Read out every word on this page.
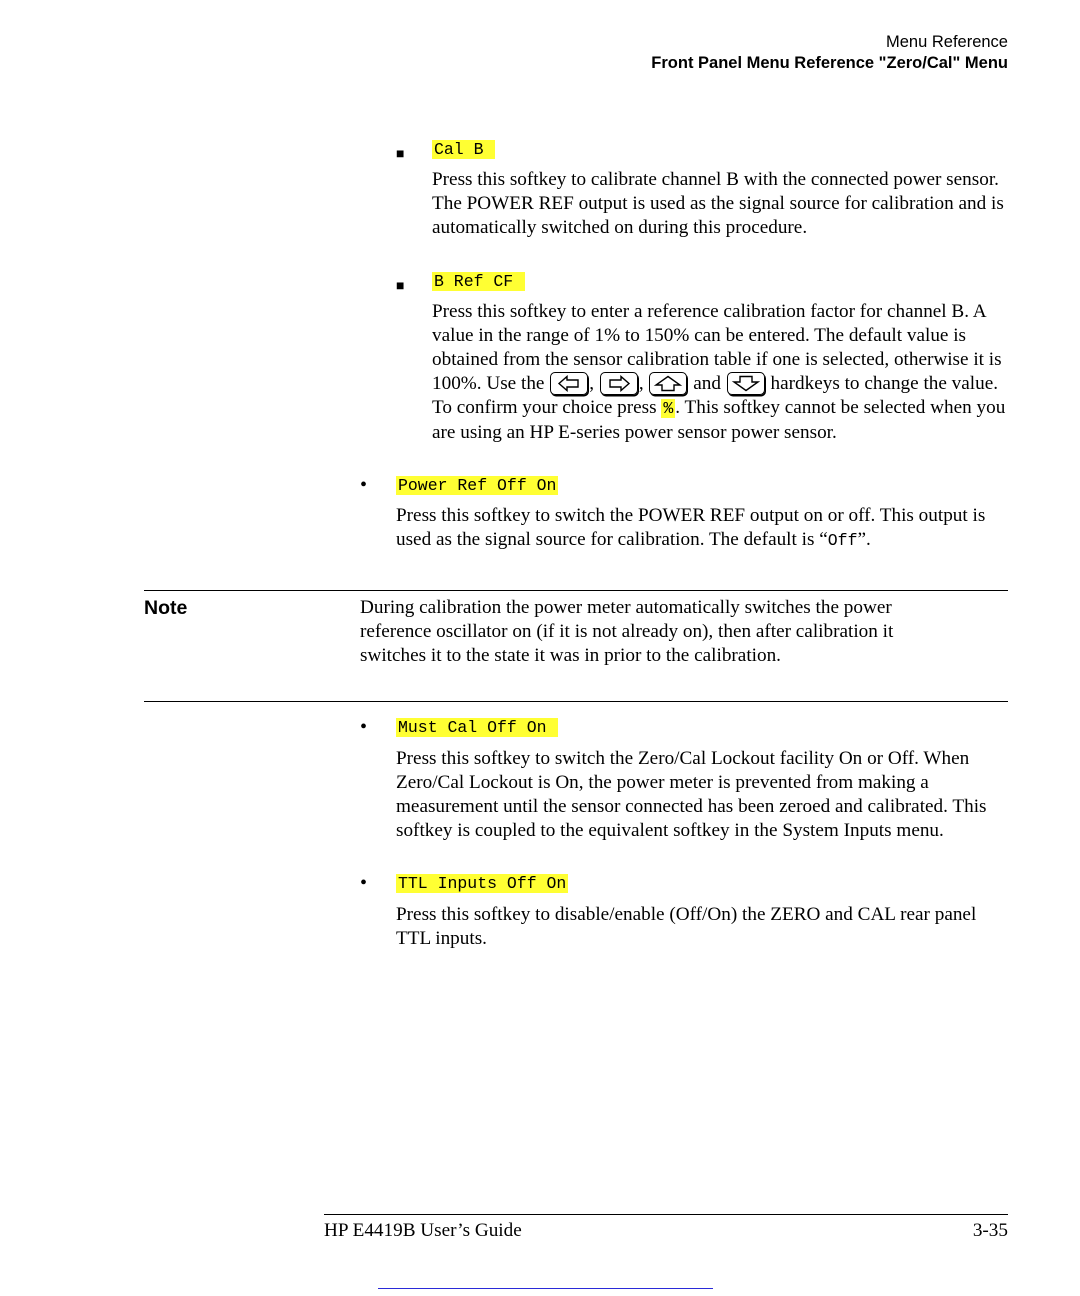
Menu Reference
Front Panel Menu Reference "Zero/Cal" Menu
■ Cal B

Press this softkey to calibrate channel B with the connected power sensor. The POWER REF output is used as the signal source for calibration and is automatically switched on during this procedure.

■ B Ref CF

Press this softkey to enter a reference calibration factor for channel B. A value in the range of 1% to 150% can be entered. The default value is obtained from the sensor calibration table if one is selected, otherwise it is 100%. Use the , ,	and	hardkeys to change the value. To confirm your choice press % . This softkey cannot be selected when you are using an HP E-series power sensor power sensor.

• Power Ref Off On

Press this softkey to switch the POWER REF output on or off. This output is used as the signal source for calibration. The default is “Off”.

Note	During calibration the power meter automatically switches the power reference oscillator on (if it is not already on), then after calibration it switches it to the state it was in prior to the calibration.

• Must Cal Off On

Press this softkey to switch the Zero/Cal Lockout facility On or Off. When Zero/Cal Lockout is On, the power meter is prevented from making a measurement until the sensor connected has been zeroed and calibrated. This softkey is coupled to the equivalent softkey in the System Inputs menu.

• TTL Inputs Off On

Press this softkey to disable/enable (Off/On) the ZERO and CAL rear panel TTL inputs.

HP E4419B User’s Guide	3-35
